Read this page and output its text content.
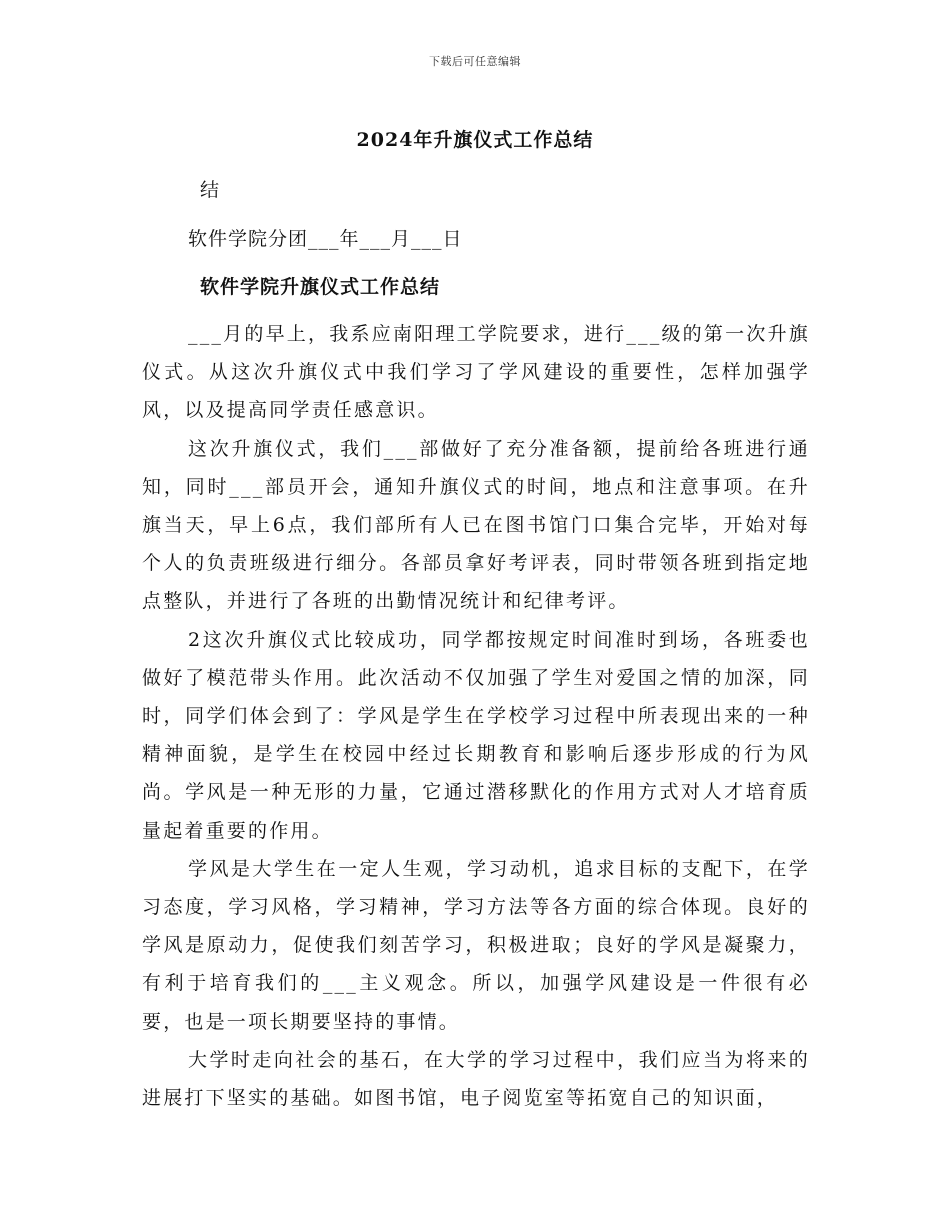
下载后可任意编辑
2024年升旗仪式工作总结
结
软件学院分团___年___月___日
软件学院升旗仪式工作总结

___月的早上，我系应南阳理工学院要求，进行___级的第一次升旗仪式。从这次升旗仪式中我们学习了学风建设的重要性，怎样加强学风，以及提高同学责任感意识。

这次升旗仪式，我们___部做好了充分准备额，提前给各班进行通知，同时___部员开会，通知升旗仪式的时间，地点和注意事项。在升旗当天，早上6点，我们部所有人已在图书馆门口集合完毕，开始对每个人的负责班级进行细分。各部员拿好考评表，同时带领各班到指定地点整队，并进行了各班的出勤情况统计和纪律考评。

2这次升旗仪式比较成功，同学都按规定时间准时到场，各班委也做好了模范带头作用。此次活动不仅加强了学生对爱国之情的加深，同时，同学们体会到了：学风是学生在学校学习过程中所表现出来的一种精神面貌，是学生在校园中经过长期教育和影响后逐步形成的行为风尚。学风是一种无形的力量，它通过潜移默化的作用方式对人才培育质量起着重要的作用。

学风是大学生在一定人生观，学习动机，追求目标的支配下，在学习态度，学习风格，学习精神，学习方法等各方面的综合体现。良好的学风是原动力，促使我们刻苦学习，积极进取；良好的学风是凝聚力，有利于培育我们的___主义观念。所以，加强学风建设是一件很有必要，也是一项长期要坚持的事情。

大学时走向社会的基石，在大学的学习过程中，我们应当为将来的进展打下坚实的基础。如图书馆，电子阅览室等拓宽自己的知识面，
